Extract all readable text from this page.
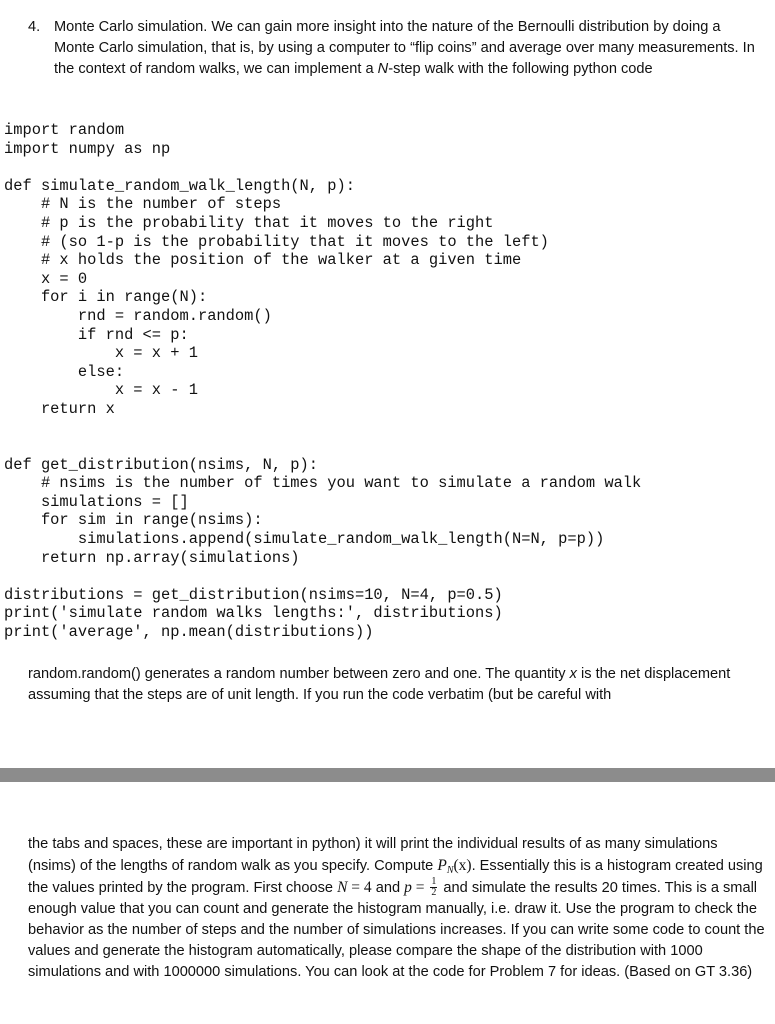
4. Monte Carlo simulation. We can gain more insight into the nature of the Bernoulli distribution by doing a Monte Carlo simulation, that is, by using a computer to “flip coins” and average over many measurements. In the context of random walks, we can implement a N-step walk with the following python code
import random
import numpy as np
def simulate_random_walk_length(N, p):
# N is the number of steps
# p is the probability that it moves to the right
# (so 1-p is the probability that it moves to the left)
# x holds the position of the walker at a given time
x = 0
for i in range(N):
rnd = random.random()
if rnd <= p:
x = x + 1
else:
x = x - 1
return x
def get_distribution(nsims, N, p):
# nsims is the number of times you want to simulate a random walk
simulations = []
for sim in range(nsims):
simulations.append(simulate_random_walk_length(N=N, p=p))
return np.array(simulations)
distributions = get_distribution(nsims=10, N=4, p=0.5)
print('simulate random walks lengths:', distributions)
print('average', np.mean(distributions))
random.random() generates a random number between zero and one. The quantity x is the net displacement assuming that the steps are of unit length. If you run the code verbatim (but be careful with
the tabs and spaces, these are important in python) it will print the individual results of as many simulations (nsims) of the lengths of random walk as you specify. Compute $P_N(x)$. Essentially this is a histogram created using the values printed by the program. First choose N = 4 and $p = \frac{1}{2}$ and simulate the results 20 times. This is a small enough value that you can count and generate the histogram manually, i.e. draw it. Use the program to check the behavior as the number of steps and the number of simulations increases. If you can write some code to count the values and generate the histogram automatically, please compare the shape of the distribution with 1000 simulations and with 1000000 simulations. You can look at the code for Problem 7 for ideas. (Based on GT 3.36)
